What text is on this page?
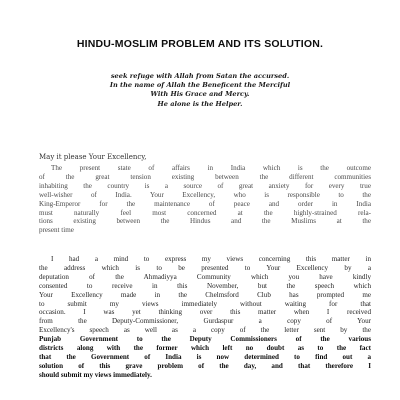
HINDU-MOSLIM PROBLEM AND ITS SOLUTION.
seek refuge with Allah from Satan the accursed.
In the name of Allah the Beneficent the Merciful
With His Grace and Mercy.
He alone is the Helper.
May it please Your Excellency,
The present state of affairs in India which is the outcome
of the great tension existing between the different communities
inhabiting the country is a source of great anxiety for every true
well-wisher of India. Your Excellency, who is responsible to the
King-Emperor for the maintenance of peace and order in India
must naturally feel most concerned at the highly-strained rela-
tions existing between the Hindus and the Muslims at the
present time
I had a mind to express my views concerning this matter in
the address which is to be presented to Your Excellency by a
deputation of the Ahmadiyya Community which you have kindly
consented to receive in this November, but the speech which
Your Excellency made in the Chelmsford Club has prompted me
to submit my views immediately without waiting for that
occasion. I was yet thinking over this matter when I received
from the Deputy-Commissioner, Gurdaspur a copy of Your
Excellency's speech as well as a copy of the letter sent by the
Punjab Government to the Deputy Commissioners of the various
districts along with the former which left no doubt as to the fact
that the Government of India is now determined to find out a
solution of this grave problem of the day, and that therefore I
should submit my views immediately.
